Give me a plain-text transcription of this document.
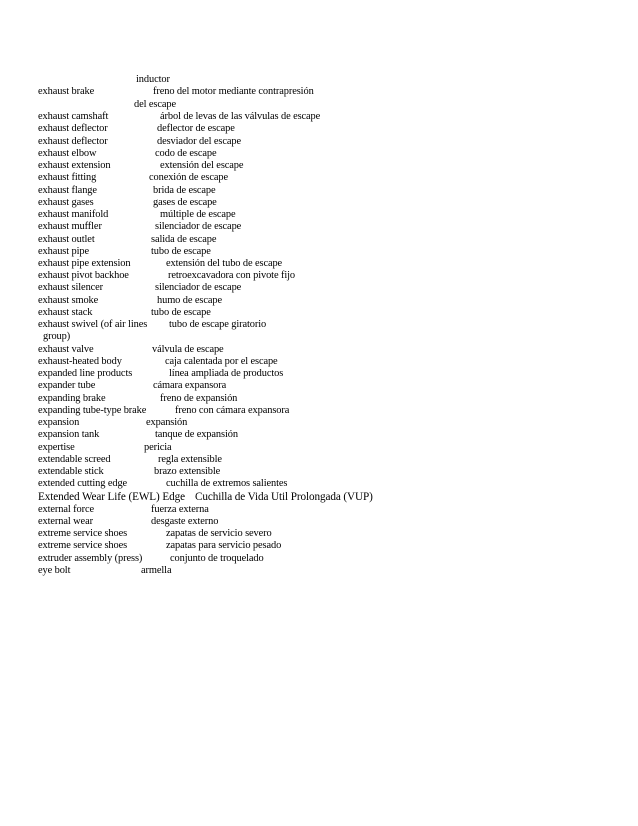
inductor
exhaust brake	freno del motor mediante contrapresión
del escape
exhaust camshaft	árbol de levas de las válvulas de escape
exhaust deflector	deflector de escape
exhaust deflector	desviador del escape
exhaust elbow	codo de escape
exhaust extension	extensión del escape
exhaust fitting	conexión de escape
exhaust flange	brida de escape
exhaust gases	gases de escape
exhaust manifold	múltiple de escape
exhaust muffler	silenciador de escape
exhaust outlet	salida de escape
exhaust pipe	tubo de escape
exhaust pipe extension	extensión del tubo de escape
exhaust pivot backhoe	retroexcavadora con pivote fijo
exhaust silencer	silenciador de escape
exhaust smoke	humo de escape
exhaust stack	tubo de escape
exhaust swivel (of air lines tubo de escape giratorio
group)
exhaust valve	válvula de escape
exhaust-heated body	caja calentada por el escape
expanded line products	línea ampliada de productos
expander tube	cámara expansora
expanding brake	freno de expansión
expanding tube-type brake	freno con cámara expansora
expansion	expansión
expansion tank	tanque de expansión
expertise	pericia
extendable screed	regla extensible
extendable stick	brazo extensible
extended cutting edge	cuchilla de extremos salientes
Extended Wear Life (EWL) Edge Cuchilla de Vida Util Prolongada (VUP)
external force	fuerza externa
external wear	desgaste externo
extreme service shoes	zapatas de servicio severo
extreme service shoes	zapatas para servicio pesado
extruder assembly (press)	conjunto de troquelado
eye bolt	armella
